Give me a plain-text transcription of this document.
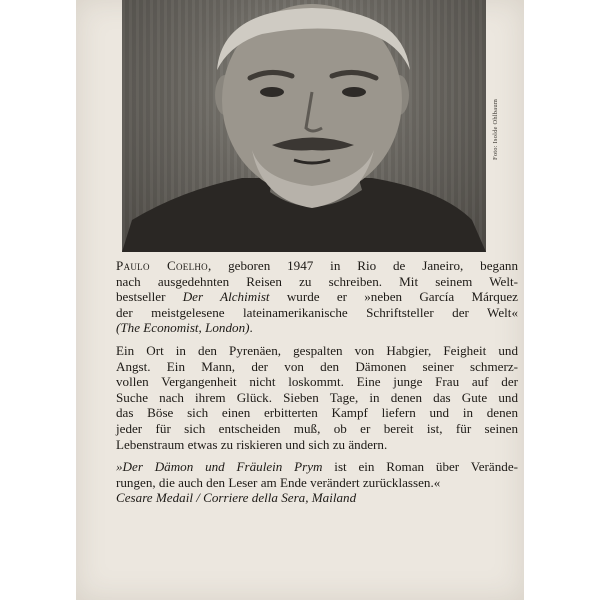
Foto: Isolde Ohlbaum

Paulo Coelho, geboren 1947 in Rio de Janeiro, begann
nach ausgedehnten Reisen zu schreiben. Mit seinem Welt-
bestseller Der Alchimist wurde er »neben García Márquez
der meistgelesene lateinamerikanische Schriftsteller der Welt«
(The Economist, London).

Ein Ort in den Pyrenäen, gespalten von Habgier, Feigheit und
Angst. Ein Mann, der von den Dämonen seiner schmerz-
vollen Vergangenheit nicht loskommt. Eine junge Frau auf der
Suche nach ihrem Glück. Sieben Tage, in denen das Gute und
das Böse sich einen erbitterten Kampf liefern und in denen
jeder für sich entscheiden muß, ob er bereit ist, für seinen
Lebenstraum etwas zu riskieren und sich zu ändern.

»Der Dämon und Fräulein Prym ist ein Roman über Verände-
rungen, die auch den Leser am Ende verändert zurücklassen.«
Cesare Medail / Corriere della Sera, Mailand
